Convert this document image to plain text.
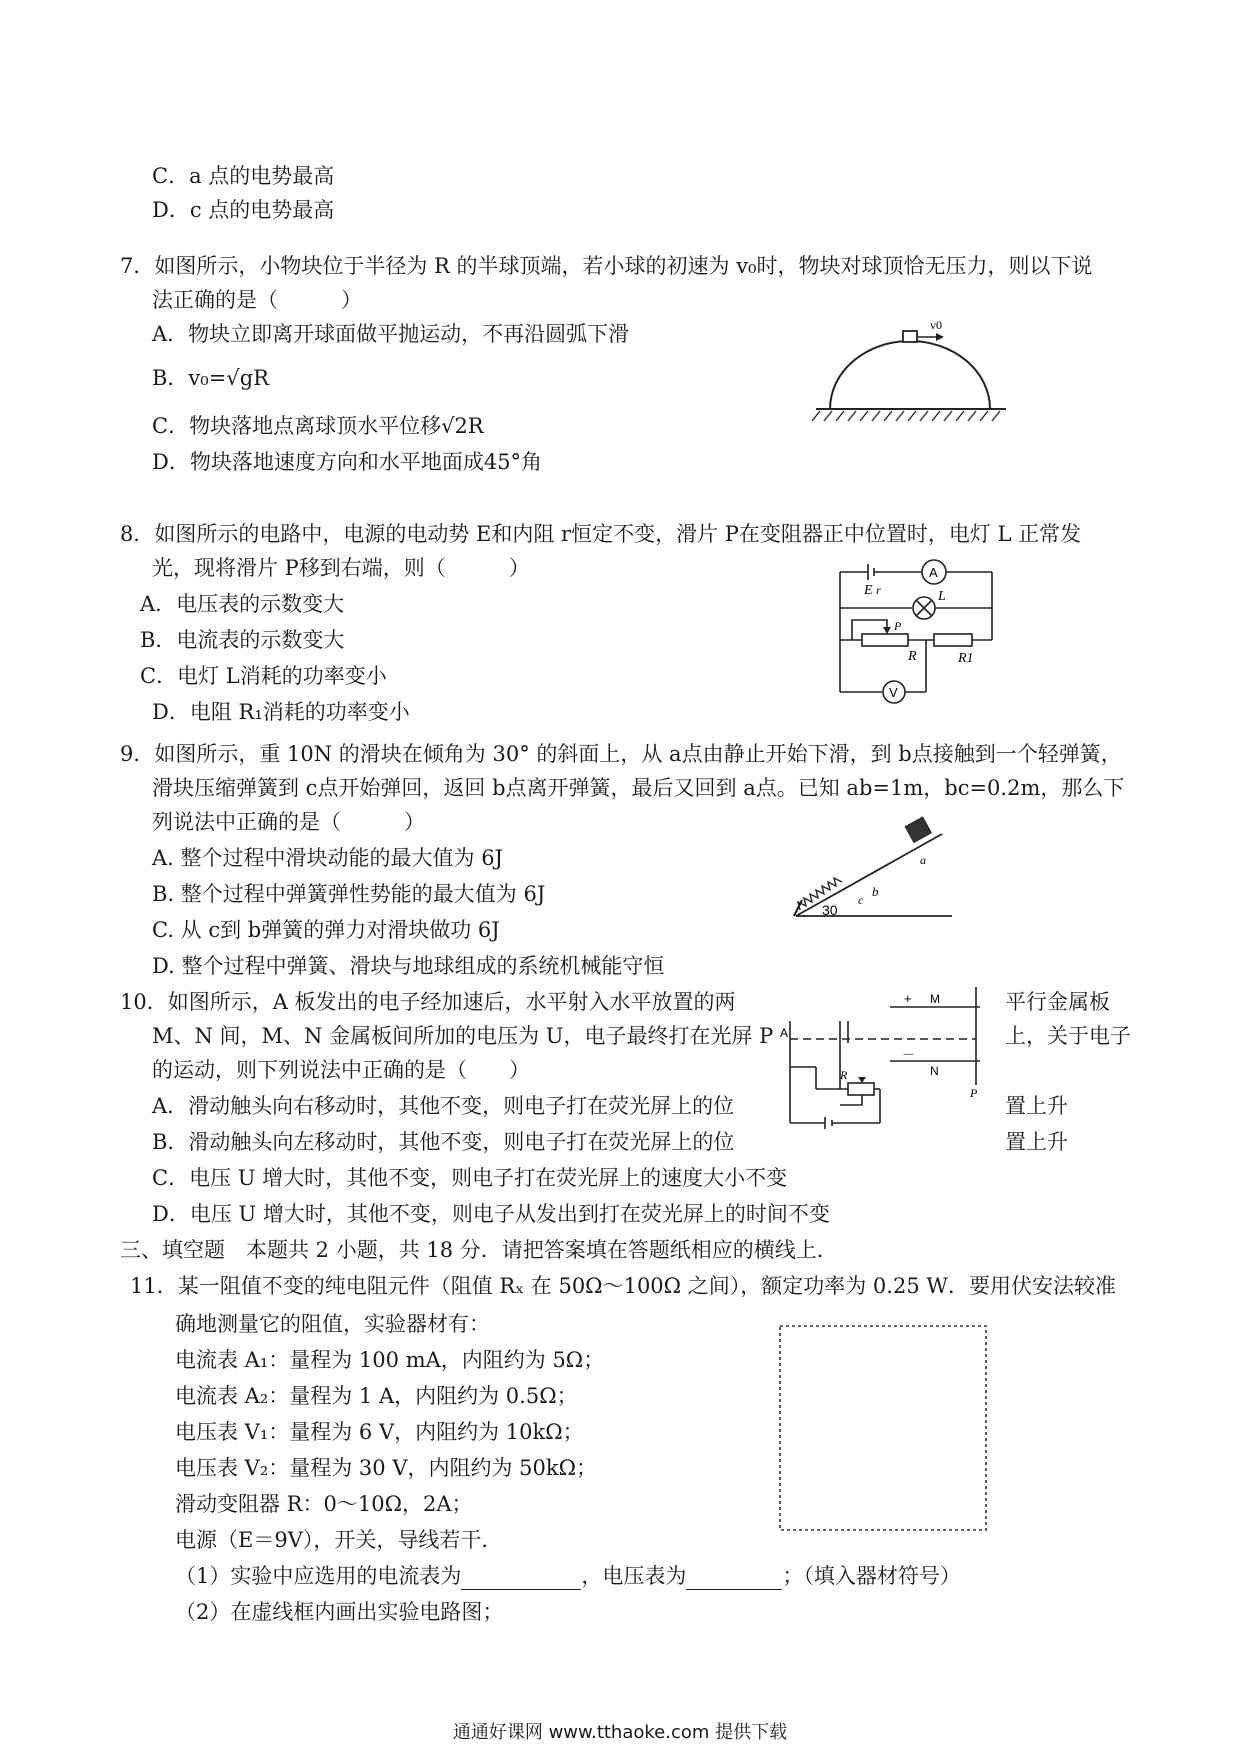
C．a 点的电势最高
D．c 点的电势最高
7．如图所示，小物块位于半径为 R 的半球顶端，若小球的初速为 v₀时，物块对球顶恰无压力，则以下说
法正确的是（　　　）
A．物块立即离开球面做平抛运动，不再沿圆弧下滑
B．v₀=√gR
C．物块落地点离球顶水平位移√2R
D．物块落地速度方向和水平地面成45°角
v0
8．如图所示的电路中，电源的电动势 E和内阻 r恒定不变，滑片 P在变阻器正中位置时，电灯 L 正常发
光，现将滑片 P移到右端，则（　　　）
A．电压表的示数变大
B．电流表的示数变大
C．电灯 L消耗的功率变小
D．电阻 R₁消耗的功率变小
E r
A
L
P
R	R1
V
9．如图所示，重 10N 的滑块在倾角为 30° 的斜面上，从 a点由静止开始下滑，到 b点接触到一个轻弹簧，
滑块压缩弹簧到 c点开始弹回，返回 b点离开弹簧，最后又回到 a点。已知 ab=1m，bc=0.2m，那么下
列说法中正确的是（　　　）
A. 整个过程中滑块动能的最大值为 6J
B. 整个过程中弹簧弹性势能的最大值为 6J
C. 从 c到 b弹簧的弹力对滑块做功 6J
D. 整个过程中弹簧、滑块与地球组成的系统机械能守恒
a
b
c
30
10．如图所示，A 板发出的电子经加速后，水平射入水平放置的两	平行金属板
M、N 间，M、N 金属板间所加的电压为 U，电子最终打在光屏 P	上，关于电子
的运动，则下列说法中正确的是（　　）
A．滑动触头向右移动时，其他不变，则电子打在荧光屏上的位	置上升
B．滑动触头向左移动时，其他不变，则电子打在荧光屏上的位	置上升
C．电压 U 增大时，其他不变，则电子打在荧光屏上的速度大小不变
D．电压 U 增大时，其他不变，则电子从发出到打在荧光屏上的时间不变
+ M
－
N
A
R
P
三、填空题　本题共 2 小题，共 18 分．请把答案填在答题纸相应的横线上．
11．某一阻值不变的纯电阻元件（阻值 Rₓ 在 50Ω～100Ω 之间），额定功率为 0.25 W．要用伏安法较准
确地测量它的阻值，实验器材有：
电流表 A₁：量程为 100 mA，内阻约为 5Ω；
电流表 A₂：量程为 1 A，内阻约为 0.5Ω；
电压表 V₁：量程为 6 V，内阻约为 10kΩ；
电压表 V₂：量程为 30 V，内阻约为 50kΩ；
滑动变阻器 R：0～10Ω，2A；
电源（E＝9V），开关，导线若干．
（1）实验中应选用的电流表为	，电压表为	；（填入器材符号）
（2）在虚线框内画出实验电路图；
通通好课网 www.tthaoke.com 提供下载
